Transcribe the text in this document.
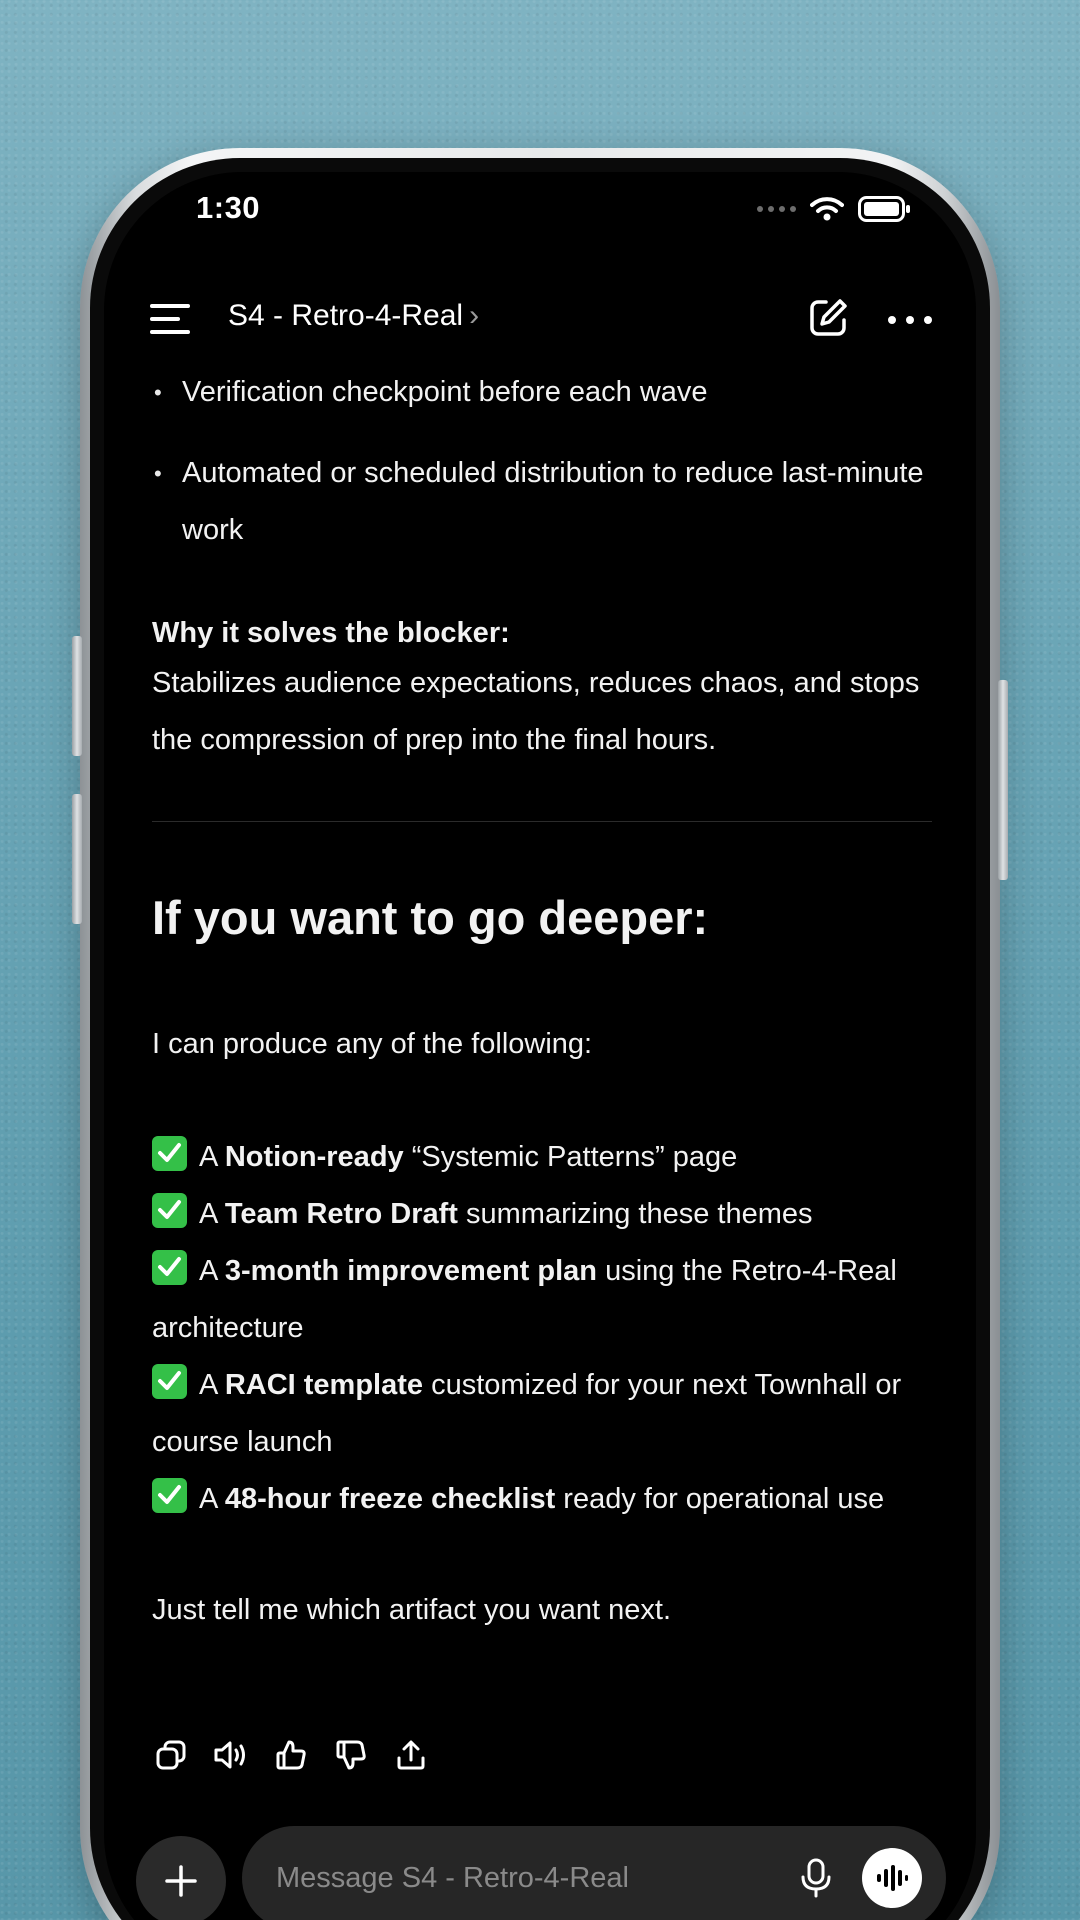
1:30
S4 - Retro-4-Real ›
• Verification checkpoint before each wave
• Automated or scheduled distribution to reduce last-minute work
Why it solves the blocker:
Stabilizes audience expectations, reduces chaos, and stops the compression of prep into the final hours.
If you want to go deeper:
I can produce any of the following:
A Notion-ready “Systemic Patterns” page
A Team Retro Draft summarizing these themes
A 3-month improvement plan using the Retro-4-Real architecture
A RACI template customized for your next Townhall or course launch
A 48-hour freeze checklist ready for operational use
Just tell me which artifact you want next.
Message S4 - Retro-4-Real
